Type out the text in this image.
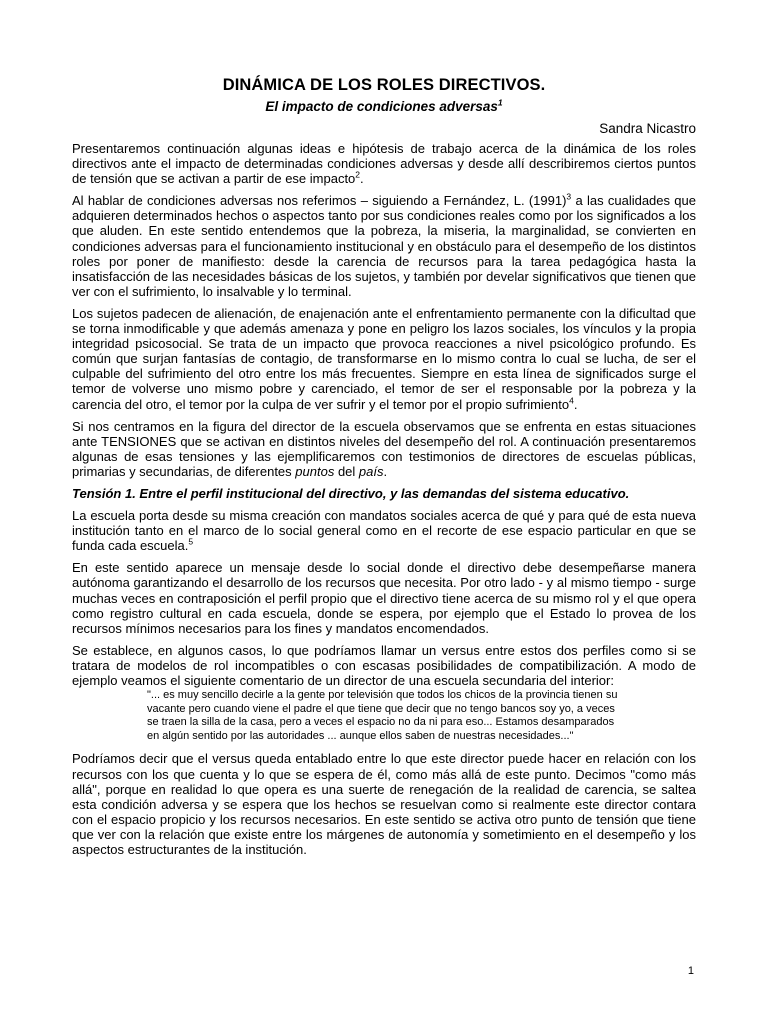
DINÁMICA DE LOS ROLES DIRECTIVOS.
El impacto de condiciones adversas$^1$
Sandra Nicastro

Presentaremos continuación algunas ideas e hipótesis de trabajo acerca de la dinámica de los roles directivos ante el impacto de determinadas condiciones adversas y desde allí describiremos ciertos puntos de tensión que se activan a partir de ese impacto$^2$.

Al hablar de condiciones adversas nos referimos – siguiendo a Fernández, L. $(1991)^3$ a las cualidades que adquieren determinados hechos o aspectos tanto por sus condiciones reales como por los significados a los que aluden. En este sentido entendemos que la pobreza, la miseria, la marginalidad, se convierten en condiciones adversas para el funcionamiento institucional y en obstáculo para el desempeño de los distintos roles por poner de manifiesto: desde la carencia de recursos para la tarea pedagógica hasta la insatisfacción de las necesidades básicas de los sujetos, y también por develar significativos que tienen que ver con el sufrimiento, lo insalvable y lo terminal.

Los sujetos padecen de alienación, de enajenación ante el enfrentamiento permanente con la dificultad que se torna inmodificable y que además amenaza y pone en peligro los lazos sociales, los vínculos y la propia integridad psicosocial. Se trata de un impacto que provoca reacciones a nivel psicológico profundo. Es común que surjan fantasías de contagio, de transformarse en lo mismo contra lo cual se lucha, de ser el culpable del sufrimiento del otro entre los más frecuentes. Siempre en esta línea de significados surge el temor de volverse uno mismo pobre y carenciado, el temor de ser el responsable por la pobreza y la carencia del otro, el temor por la culpa de ver sufrir y el temor por el propio sufrimiento$^4$.

Si nos centramos en la figura del director de la escuela observamos que se enfrenta en estas situaciones ante TENSIONES que se activan en distintos niveles del desempeño del rol. A continuación presentaremos algunas de esas tensiones y las ejemplificaremos con testimonios de directores de escuelas públicas, primarias y secundarias, de diferentes puntos del país.

Tensión 1. Entre el perfil institucional del directivo, y las demandas del sistema educativo.

La escuela porta desde su misma creación con mandatos sociales acerca de qué y para qué de esta nueva institución tanto en el marco de lo social general como en el recorte de ese espacio particular en que se funda cada escuela.$^5$

En este sentido aparece un mensaje desde lo social donde el directivo debe desempeñarse manera autónoma garantizando el desarrollo de los recursos que necesita. Por otro lado - y al mismo tiempo - surge muchas veces en contraposición el perfil propio que el directivo tiene acerca de su mismo rol y el que opera como registro cultural en cada escuela, donde se espera, por ejemplo que el Estado lo provea de los recursos mínimos necesarios para los fines y mandatos encomendados.

Se establece, en algunos casos, lo que podríamos llamar un versus entre estos dos perfiles como si se tratara de modelos de rol incompatibles o con escasas posibilidades de compatibilización. A modo de ejemplo veamos el siguiente comentario de un director de una escuela secundaria del interior:

"... es muy sencillo decirle a la gente por televisión que todos los chicos de la provincia tienen su vacante pero cuando viene el padre el que tiene que decir que no tengo bancos soy yo, a veces se traen la silla de la casa, pero a veces el espacio no da ni para eso... Estamos desamparados en algún sentido por las autoridades ... aunque ellos saben de nuestras necesidades..."

Podríamos decir que el versus queda entablado entre lo que este director puede hacer en relación con los recursos con los que cuenta y lo que se espera de él, como más allá de este punto. Decimos "como más allá", porque en realidad lo que opera es una suerte de renegación de la realidad de carencia, se saltea esta condición adversa y se espera que los hechos se resuelvan como si realmente este director contara con el espacio propicio y los recursos necesarios. En este sentido se activa otro punto de tensión que tiene que ver con la relación que existe entre los márgenes de autonomía y sometimiento en el desempeño y los aspectos estructurantes de la institución.

1
